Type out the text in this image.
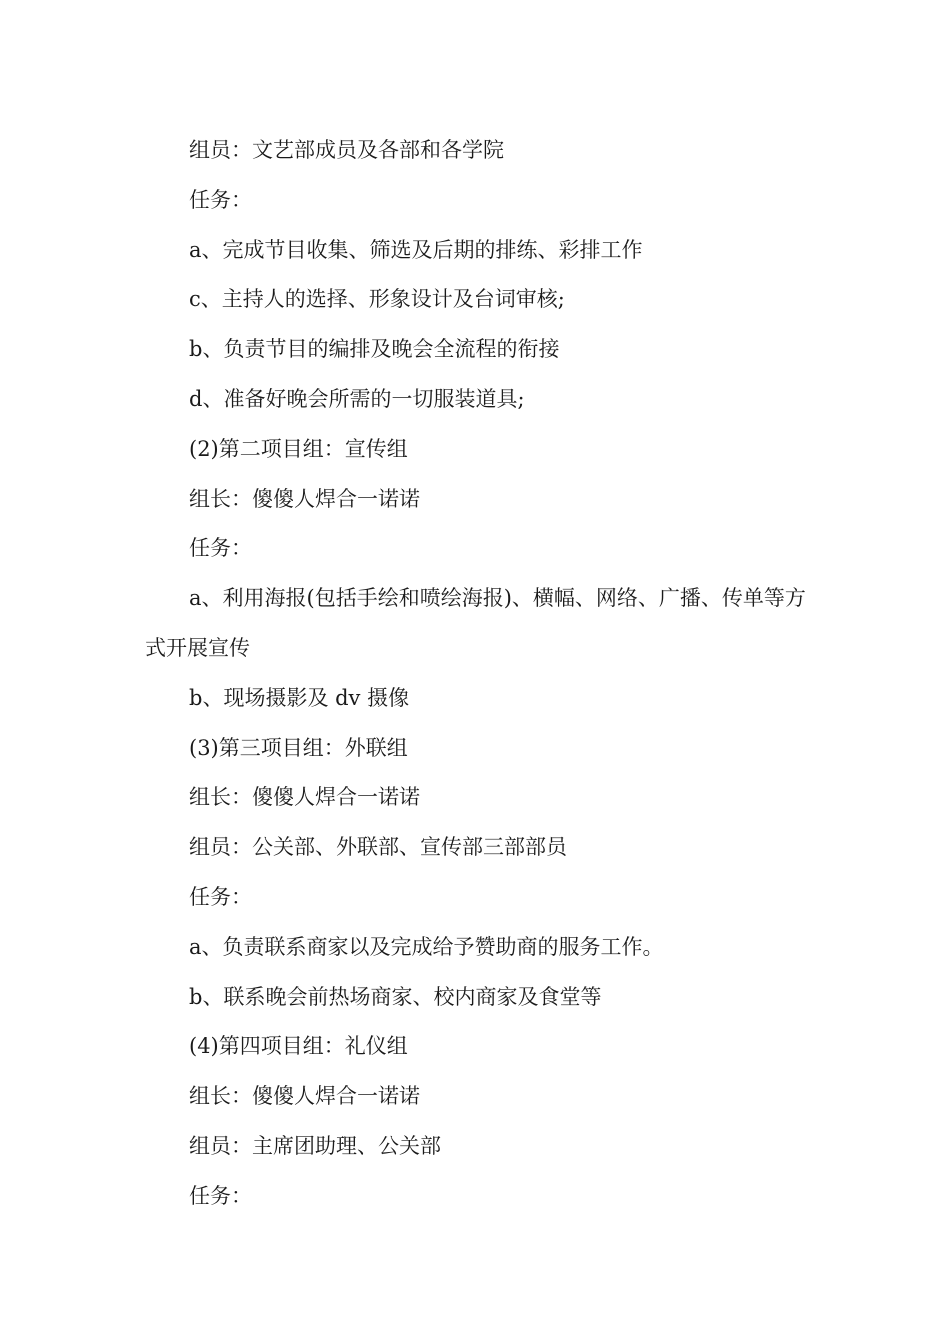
组员：文艺部成员及各部和各学院

任务：

a、完成节目收集、筛选及后期的排练、彩排工作

c、主持人的选择、形象设计及台词审核;

b、负责节目的编排及晚会全流程的衔接

d、准备好晚会所需的一切服装道具;

(2)第二项目组：宣传组

组长：傻傻人焊合一诺诺

任务：

a、利用海报(包括手绘和喷绘海报)、横幅、网络、广播、传单等方式开展宣传

b、现场摄影及 dv 摄像

(3)第三项目组：外联组

组长：傻傻人焊合一诺诺

组员：公关部、外联部、宣传部三部部员

任务：

a、负责联系商家以及完成给予赞助商的服务工作。

b、联系晚会前热场商家、校内商家及食堂等

(4)第四项目组：礼仪组

组长：傻傻人焊合一诺诺

组员：主席团助理、公关部

任务：
